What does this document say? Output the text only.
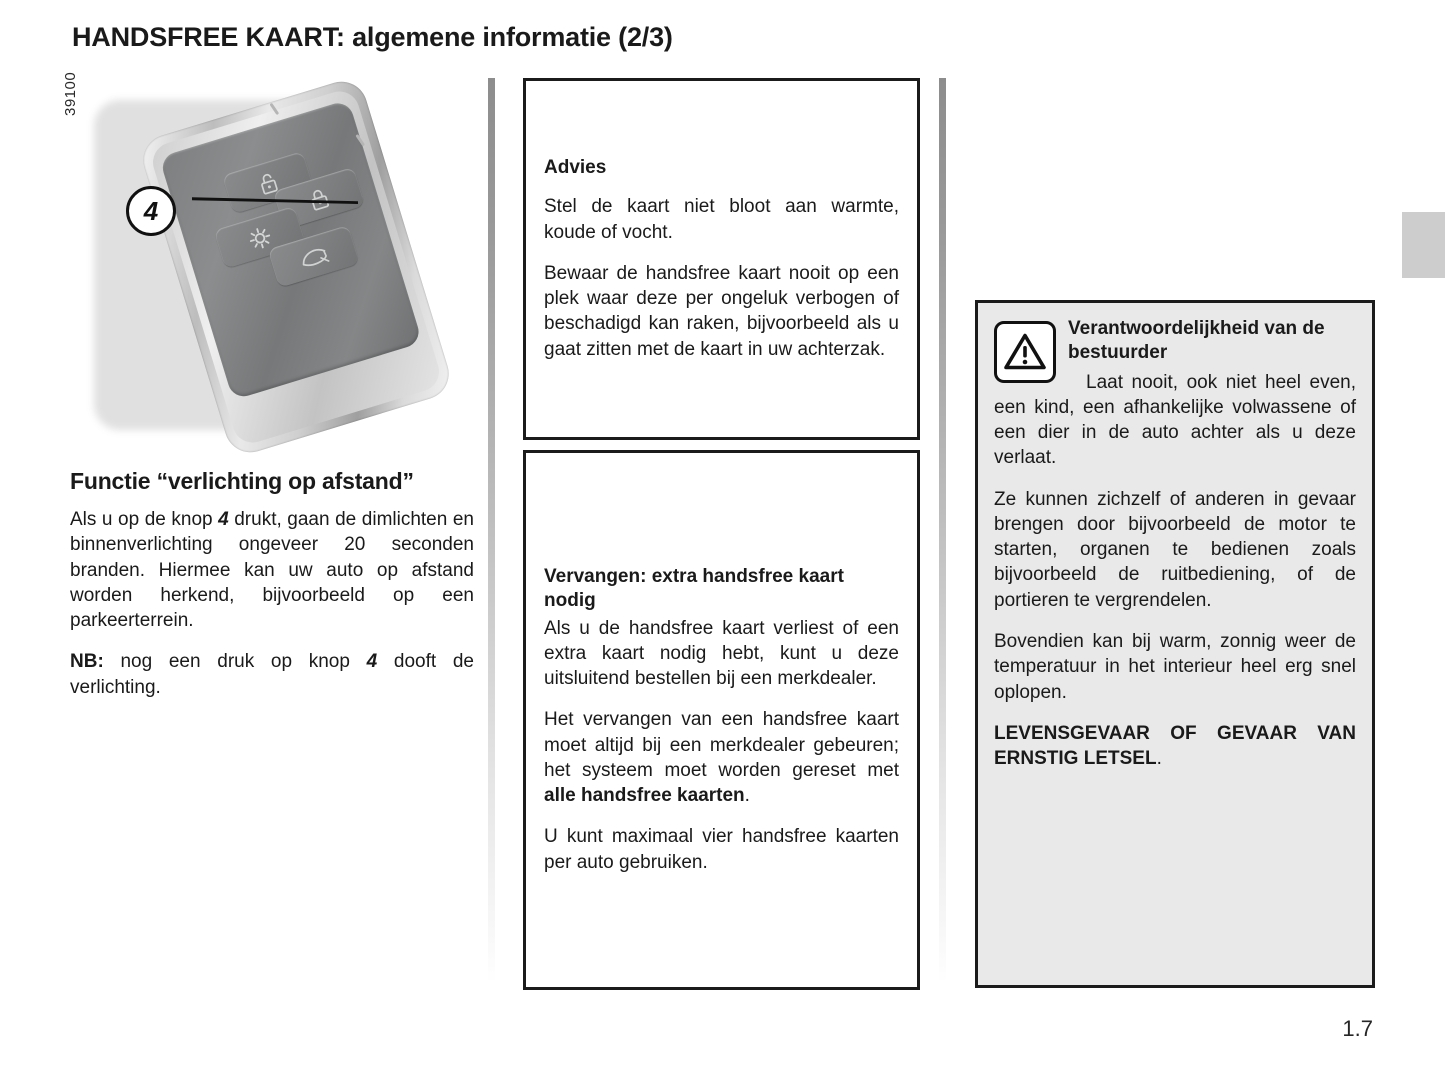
HANDSFREE KAART: algemene informatie (2/3)
39100
4
Functie “verlichting op afstand”

Als u op de knop 4 drukt, gaan de dimlichten en binnenverlichting ongeveer 20 seconden branden. Hiermee kan uw auto op afstand worden herkend, bijvoorbeeld op een parkeerterrein.

NB: nog een druk op knop 4 dooft de verlichting.

Advies

Stel de kaart niet bloot aan warmte, koude of vocht.

Bewaar de handsfree kaart nooit op een plek waar deze per ongeluk verbogen of beschadigd kan raken, bijvoorbeeld als u gaat zitten met de kaart in uw achterzak.

Vervangen: extra handsfree kaart nodig

Als u de handsfree kaart verliest of een extra kaart nodig hebt, kunt u deze uitsluitend bestellen bij een merkdealer.

Het vervangen van een handsfree kaart moet altijd bij een merkdealer gebeuren; het systeem moet worden gereset met alle handsfree kaarten.

U kunt maximaal vier handsfree kaarten per auto gebruiken.

Verantwoordelijkheid van de bestuurder

Laat nooit, ook niet heel even, een kind, een afhankelijke volwassene of een dier in de auto achter als u deze verlaat.

Ze kunnen zichzelf of anderen in gevaar brengen door bijvoorbeeld de motor te starten, organen te bedienen zoals bijvoorbeeld de ruitbediening, of de portieren te vergrendelen.

Bovendien kan bij warm, zonnig weer de temperatuur in het interieur heel erg snel oplopen.

LEVENSGEVAAR OF GEVAAR VAN ERNSTIG LETSEL.

1.7
